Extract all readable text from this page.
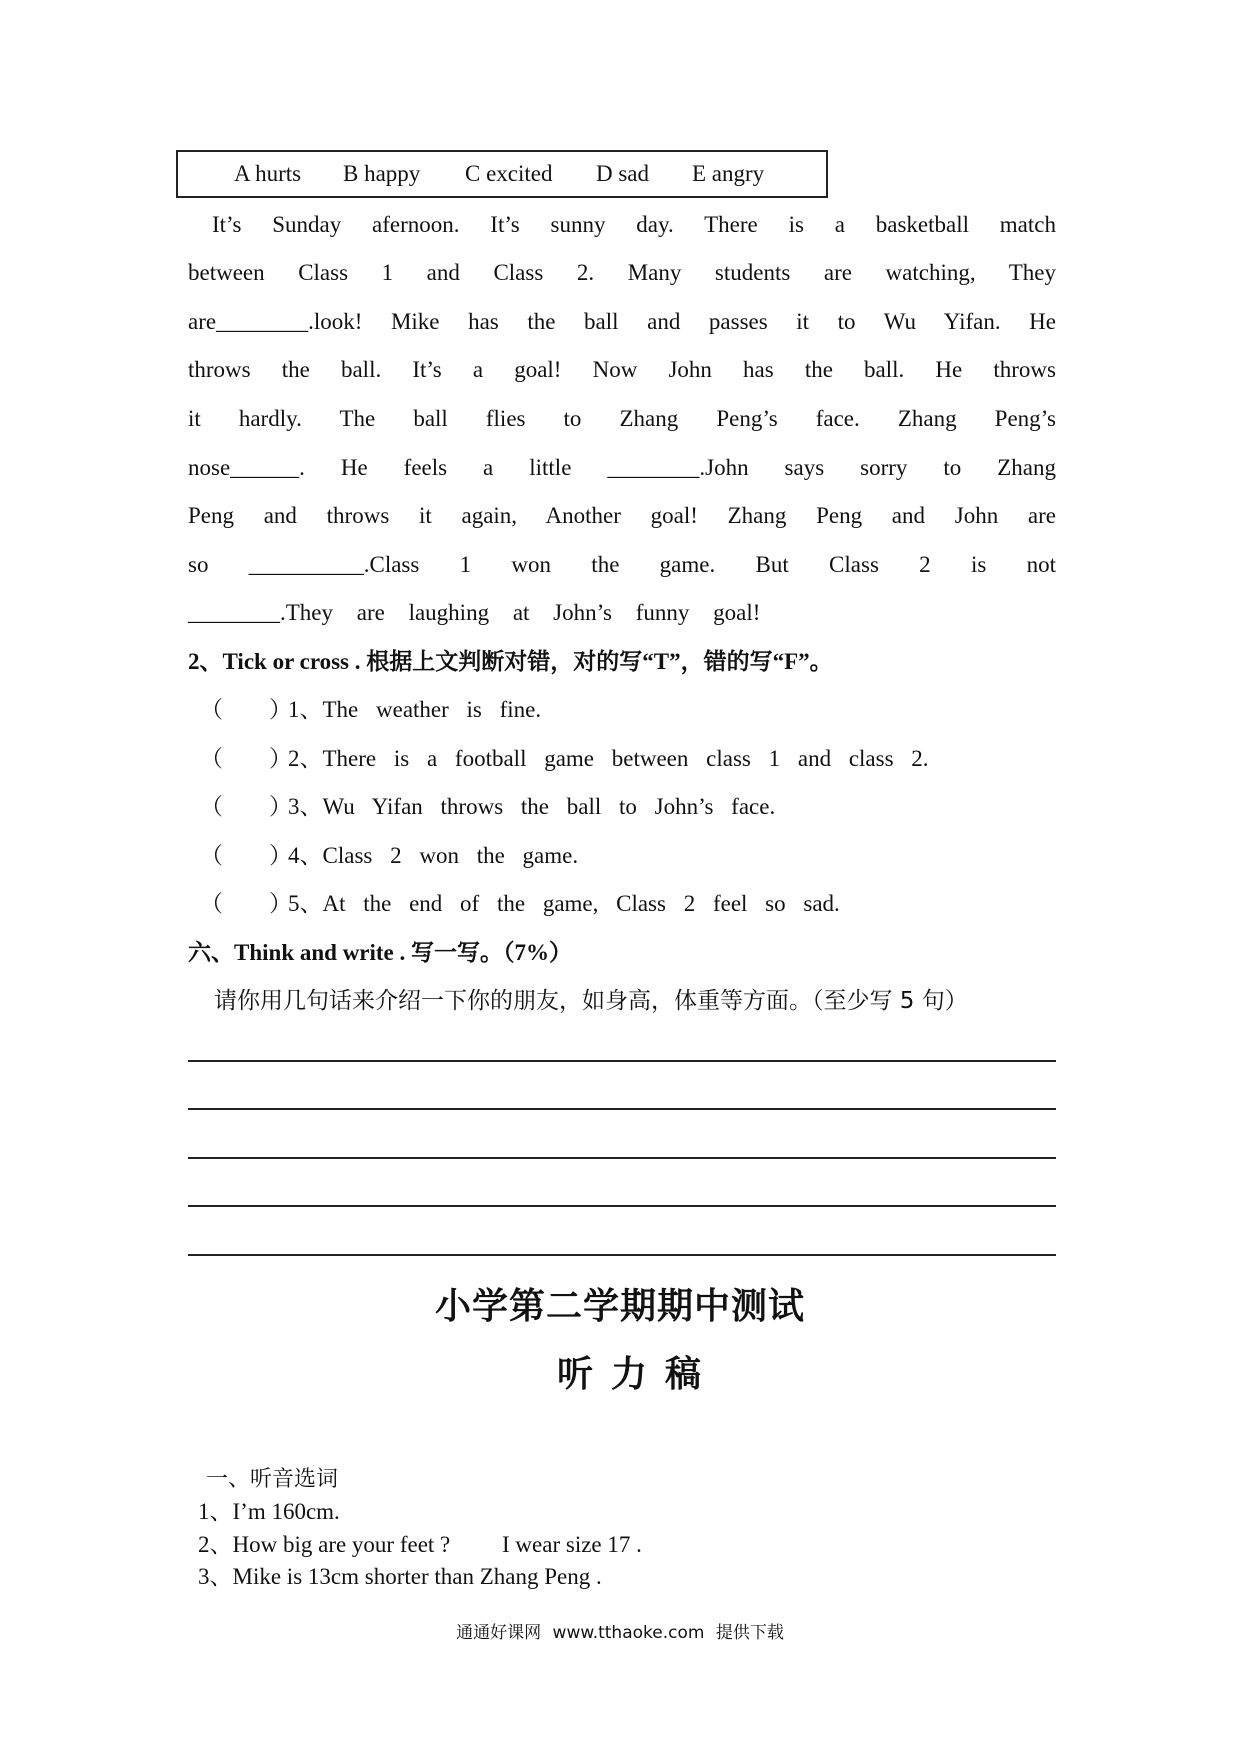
A hurts B happy C excited D sad E angry
It’s Sunday afernoon. It’s sunny day. There is a basketball match
between Class 1 and Class 2. Many students are watching, They
are________.look! Mike has the ball and passes it to Wu Yifan. He
throws the ball. It’s a goal! Now John has the ball. He throws
it hardly. The ball flies to Zhang Peng’s face. Zhang Peng’s
nose______. He feels a little ________.John says sorry to Zhang
Peng and throws it again, Another goal! Zhang Peng and John are
so __________.Class 1 won the game. But Class 2 is not
________.They are laughing at John’s funny goal!
2、Tick or cross . 根据上文判断对错，对的写“T”，错的写“F”。
（　　）1、The weather is fine.
（　　）2、There is a football game between class 1 and class 2.
（　　）3、Wu Yifan throws the ball to John’s face.
（　　）4、Class 2 won the game.
（　　）5、At the end of the game, Class 2 feel so sad.
六、Think and write . 写一写。（7%）
请你用几句话来介绍一下你的朋友，如身高，体重等方面。（至少写 5 句）
小学第二学期期中测试
听力稿
一、听音选词
1、I’m 160cm.
2、How big are your feet ?　　 I wear size 17 .
3、Mike is 13cm shorter than Zhang Peng .
通通好课网 www.tthaoke.com 提供下载
